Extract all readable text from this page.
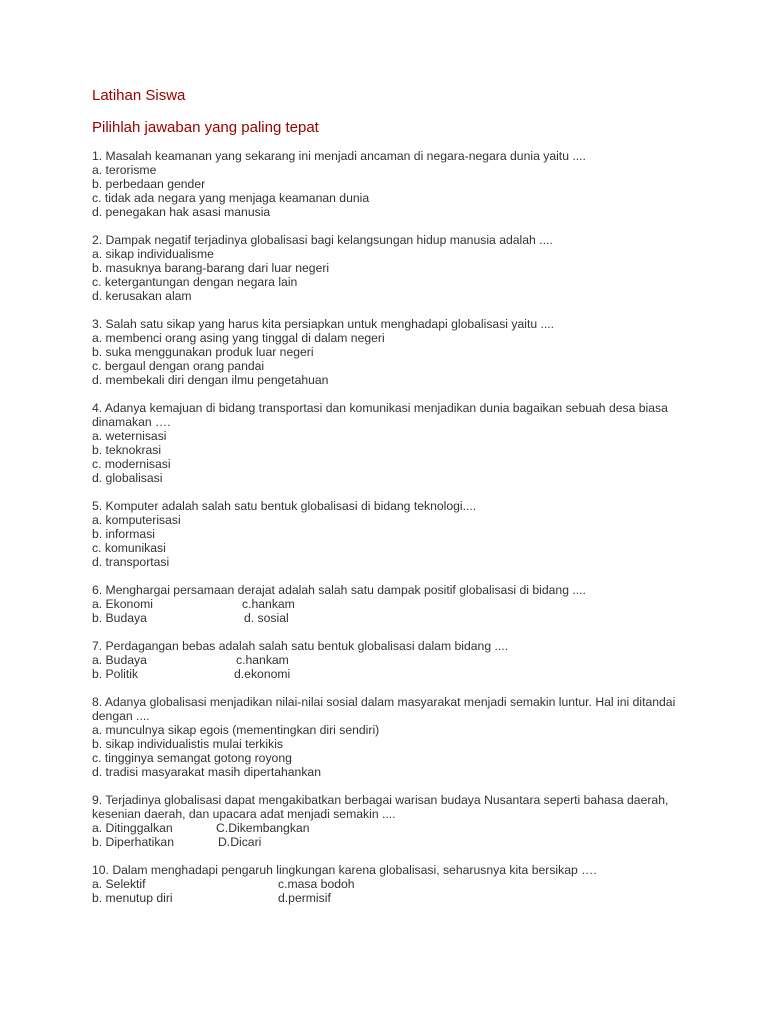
Latihan Siswa
Pilihlah jawaban yang paling tepat
1. Masalah keamanan yang sekarang ini menjadi ancaman di negara-negara dunia yaitu ....
a. terorisme
b. perbedaan gender
c. tidak ada negara yang menjaga keamanan dunia
d. penegakan hak asasi manusia
2. Dampak negatif terjadinya globalisasi bagi kelangsungan hidup manusia adalah ....
a. sikap individualisme
b. masuknya barang-barang dari luar negeri
c. ketergantungan dengan negara lain
d. kerusakan alam
3. Salah satu sikap yang harus kita persiapkan untuk menghadapi globalisasi yaitu ....
a. membenci orang asing yang tinggal di dalam negeri
b. suka menggunakan produk luar negeri
c. bergaul dengan orang pandai
d. membekali diri dengan ilmu pengetahuan
4. Adanya kemajuan di bidang transportasi dan komunikasi menjadikan dunia bagaikan sebuah desa biasa dinamakan ….
a. weternisasi
b. teknokrasi
c. modernisasi
d. globalisasi
5. Komputer adalah salah satu bentuk globalisasi di bidang teknologi....
a. komputerisasi
b. informasi
c. komunikasi
d. transportasi
6. Menghargai persamaan derajat adalah salah satu dampak positif globalisasi di bidang ....
a. Ekonomi	c.hankam
b. Budaya	d. sosial
7. Perdagangan bebas adalah salah satu bentuk globalisasi dalam bidang ....
a. Budaya	c.hankam
b. Politik	d.ekonomi
8. Adanya globalisasi menjadikan nilai-nilai sosial dalam masyarakat menjadi semakin luntur. Hal ini ditandai dengan ....
a. munculnya sikap egois (mementingkan diri sendiri)
b. sikap individualistis mulai terkikis
c. tingginya semangat gotong royong
d. tradisi masyarakat masih dipertahankan
9. Terjadinya globalisasi dapat mengakibatkan berbagai warisan budaya Nusantara seperti bahasa daerah, kesenian daerah, dan upacara adat menjadi semakin ....
a. Ditinggalkan	C.Dikembangkan
b. Diperhatikan	D.Dicari
10. Dalam menghadapi pengaruh lingkungan karena globalisasi, seharusnya kita bersikap ….
a. Selektif	c.masa bodoh
b. menutup diri	d.permisif
